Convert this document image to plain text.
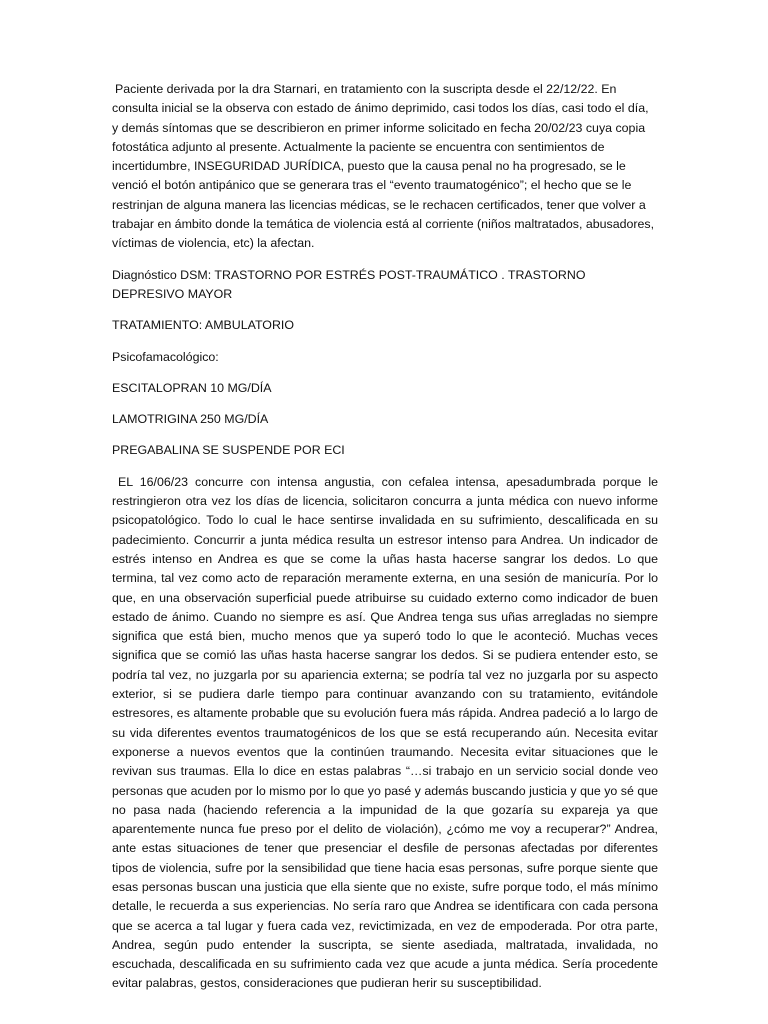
Paciente derivada por la dra Starnari, en tratamiento con la suscripta desde el 22/12/22. En consulta inicial se la observa con estado de ánimo deprimido, casi todos los días, casi todo el día, y demás síntomas que se describieron en primer informe solicitado en fecha 20/02/23 cuya copia fotostática adjunto al presente. Actualmente la paciente se encuentra con sentimientos de incertidumbre, INSEGURIDAD JURÍDICA, puesto que la causa penal no ha progresado, se le venció el botón antipánico que se generara tras el “evento traumatogénico”; el hecho que se le restrinjan de alguna manera las licencias médicas, se le rechacen certificados, tener que volver a trabajar en ámbito donde la temática de violencia está al corriente (niños maltratados, abusadores, víctimas de violencia, etc) la afectan.

Diagnóstico DSM: TRASTORNO POR ESTRÉS POST-TRAUMÁTICO . TRASTORNO DEPRESIVO MAYOR

TRATAMIENTO: AMBULATORIO

Psicofamacológico:

ESCITALOPRAN 10 MG/DÍA

LAMOTRIGINA 250 MG/DÍA

PREGABALINA SE SUSPENDE POR ECI

EL 16/06/23 concurre con intensa angustia, con cefalea intensa, apesadumbrada porque le restringieron otra vez los días de licencia, solicitaron concurra a junta médica con nuevo informe psicopatológico. Todo lo cual le hace sentirse invalidada en su sufrimiento, descalificada en su padecimiento. Concurrir a junta médica resulta un estresor intenso para Andrea. Un indicador de estrés intenso en Andrea es que se come la uñas hasta hacerse sangrar los dedos. Lo que termina, tal vez como acto de reparación meramente externa, en una sesión de manicuría. Por lo que, en una observación superficial puede atribuirse su cuidado externo como indicador de buen estado de ánimo. Cuando no siempre es así. Que Andrea tenga sus uñas arregladas no siempre significa que está bien, mucho menos que ya superó todo lo que le aconteció. Muchas veces significa que se comió las uñas hasta hacerse sangrar los dedos. Si se pudiera entender esto, se podría tal vez, no juzgarla por su apariencia externa; se podría tal vez no juzgarla por su aspecto exterior, si se pudiera darle tiempo para continuar avanzando con su tratamiento, evitándole estresores, es altamente probable que su evolución fuera más rápida. Andrea padeció a lo largo de su vida diferentes eventos traumatogénicos de los que se está recuperando aún. Necesita evitar exponerse a nuevos eventos que la continúen traumando. Necesita evitar situaciones que le revivan sus traumas. Ella lo dice en estas palabras “…si trabajo en un servicio social donde veo personas que acuden por lo mismo por lo que yo pasé y además buscando justicia y que yo sé que no pasa nada (haciendo referencia a la impunidad de la que gozaría su expareja ya que aparentemente nunca fue preso por el delito de violación), ¿cómo me voy a recuperar?” Andrea, ante estas situaciones de tener que presenciar el desfile de personas afectadas por diferentes tipos de violencia, sufre por la sensibilidad que tiene hacia esas personas, sufre porque siente que esas personas buscan una justicia que ella siente que no existe, sufre porque todo, el más mínimo detalle, le recuerda a sus experiencias. No sería raro que Andrea se identificara con cada persona que se acerca a tal lugar y fuera cada vez, revictimizada, en vez de empoderada. Por otra parte, Andrea, según pudo entender la suscripta, se siente asediada, maltratada, invalidada, no escuchada, descalificada en su sufrimiento cada vez que acude a junta médica. Sería procedente evitar palabras, gestos, consideraciones que pudieran herir su susceptibilidad.
